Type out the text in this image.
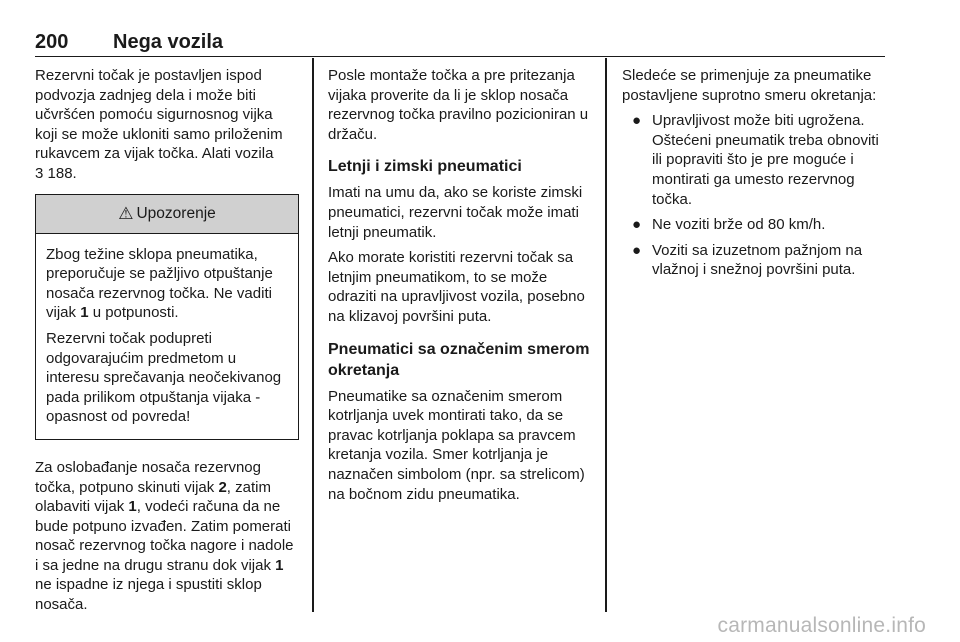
200 Nega vozila

Rezervni točak je postavljen ispod podvozja zadnjeg dela i može biti učvršćen pomoću sigurnosnog vijka koji se može ukloniti samo priloženim rukavcem za vijak točka. Alati vozila
3 188.

⚠ Upozorenje

Zbog težine sklopa pneumatika, preporučuje se pažljivo otpuštanje nosača rezervnog točka. Ne vaditi vijak 1 u potpunosti.

Rezervni točak poduprеti odgovarajućim predmetom u interesu sprečavanja neočekivanog pada prilikom otpuštanja vijaka - opasnost od povreda!

Za oslobađanje nosača rezervnog točka, potpuno skinuti vijak 2, zatim olabaviti vijak 1, vodeći računa da ne bude potpuno izvađen. Zatim pomerati nosač rezervnog točka nagore i nadole i sa jedne na drugu stranu dok vijak 1 ne ispadne iz njega i spustiti sklop nosača.

Posle montaže točka a pre pritezanja vijaka proverite da li je sklop nosača rezervnog točka pravilno pozicioniran u držaču.

Letnji i zimski pneumatici

Imati na umu da, ako se koriste zimski pneumatici, rezervni točak može imati letnji pneumatik.

Ako morate koristiti rezervni točak sa letnjim pneumatikom, to se može odraziti na upravljivost vozila, posebno na klizavoj površini puta.

Pneumatici sa označenim smerom okretanja

Pneumatike sa označenim smerom kotrljanja uvek montirati tako, da se pravac kotrljanja poklapa sa pravcem kretanja vozila. Smer kotrljanja je naznačen simbolom (npr. sa strelicom) na bočnom zidu pneumatika.

Sledeće se primenjuje za pneumatike postavljene suprotno smeru okretanja:

● Upravljivost može biti ugrožena. Oštećeni pneumatik treba obnoviti ili popraviti što je pre moguće i montirati ga umesto rezervnog točka.
● Ne voziti brže od 80 km/h.
● Voziti sa izuzetnom pažnjom na vlažnoj i snežnoj površini puta.
carmanualsonline.info
